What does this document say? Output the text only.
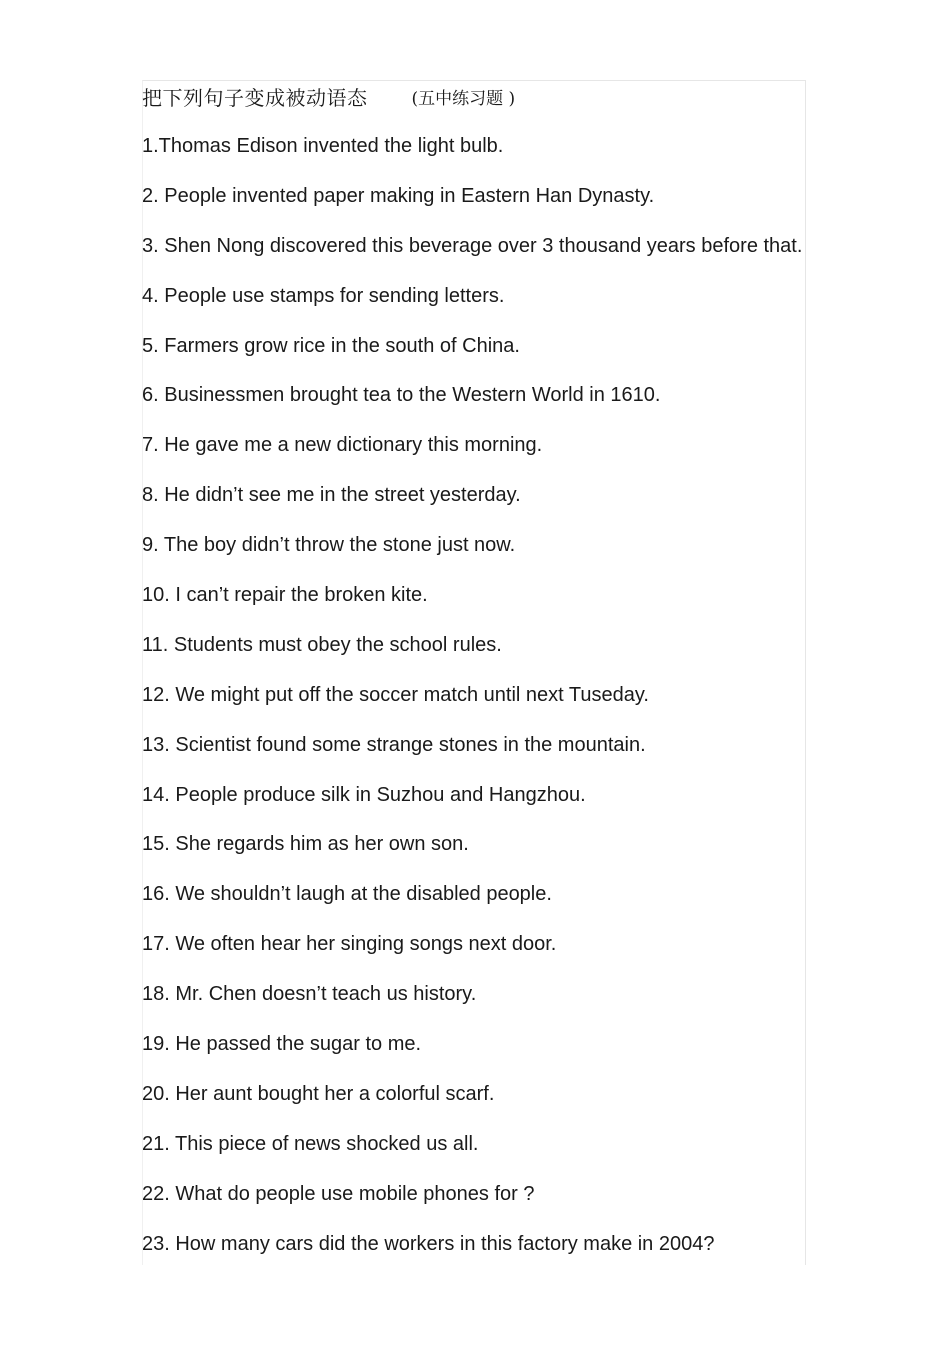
把下列句子变成被动语态	(五中练习题 )
1.Thomas Edison invented the light bulb.
2. People invented paper making in Eastern Han Dynasty.
3. Shen Nong discovered this beverage over 3 thousand years before that.
4. People use stamps for sending letters.
5. Farmers grow rice in the south of China.
6. Businessmen brought tea to the Western World in 1610.
7. He gave me a new dictionary this morning.
8. He didn’t see me in the street yesterday.
9. The boy didn’t throw the stone just now.
10. I can’t repair the broken kite.
11. Students must obey the school rules.
12. We might put off the soccer match until next Tuseday.
13. Scientist found some strange stones in the mountain.
14. People produce silk in Suzhou and Hangzhou.
15. She regards him as her own son.
16. We shouldn’t laugh at the disabled people.
17. We often hear her singing songs next door.
18. Mr. Chen doesn’t teach us history.
19. He passed the sugar to me.
20. Her aunt bought her a colorful scarf.
21. This piece of news shocked us all.
22. What do people use mobile phones for ?
23. How many cars did the workers in this factory make in 2004?
